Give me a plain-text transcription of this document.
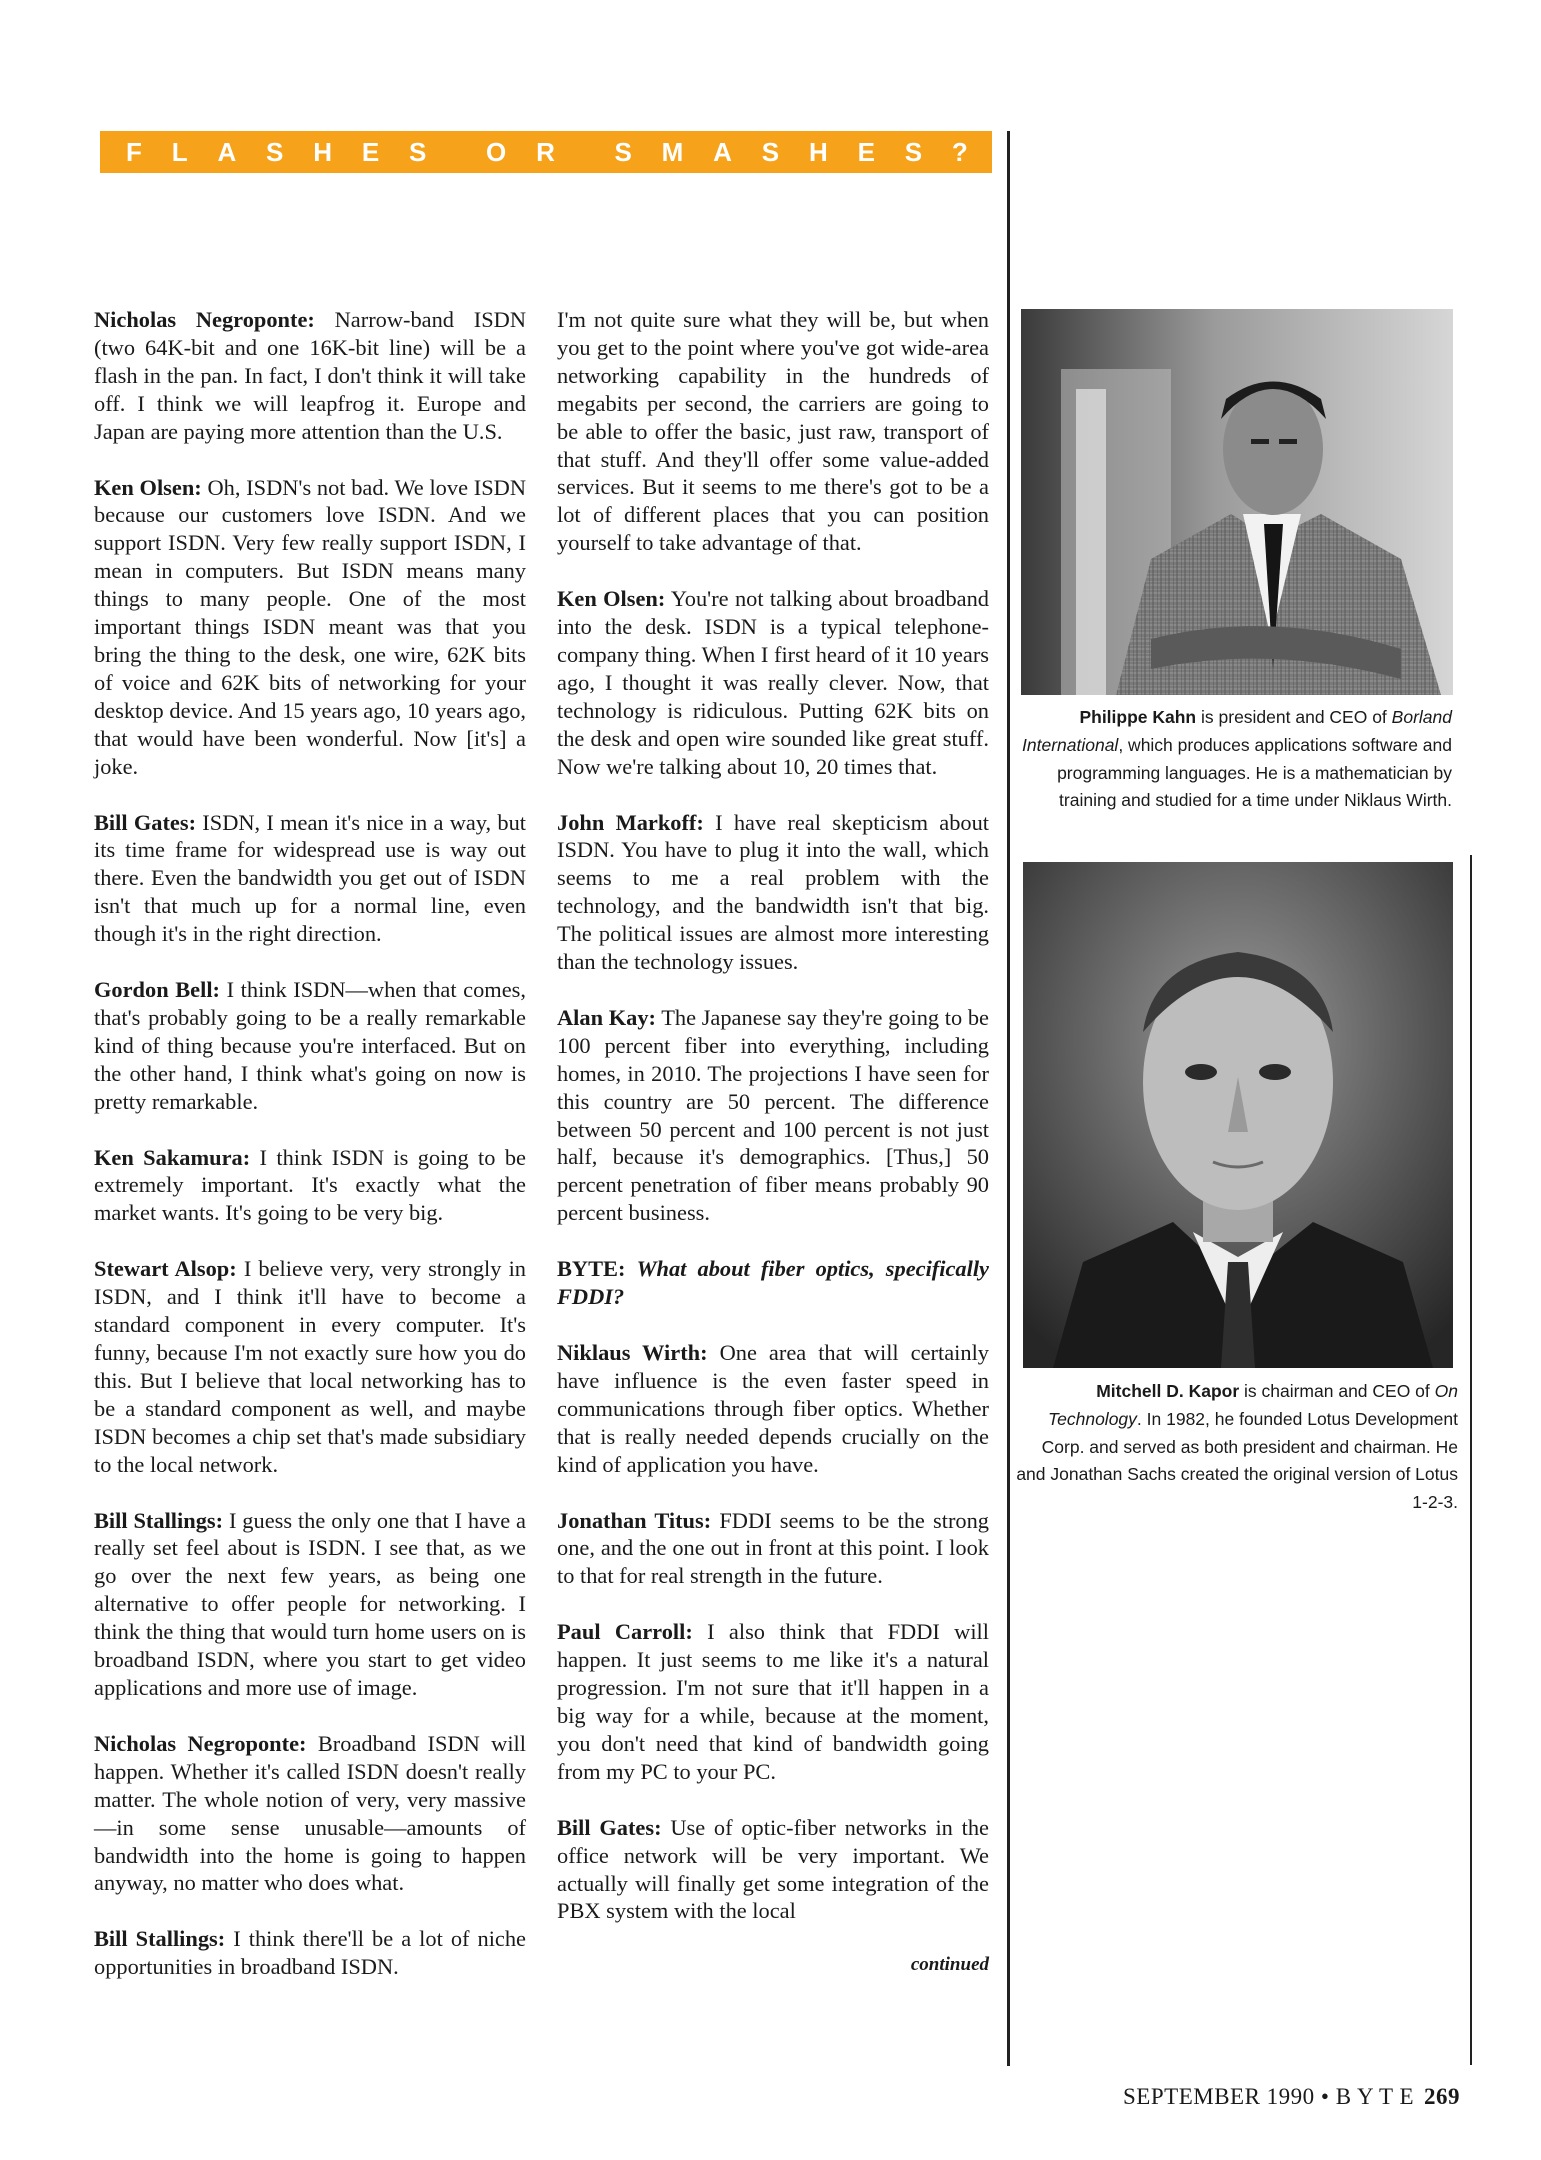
F L A S H E S O R S M A S H E S ?

Nicholas Negroponte: Narrow-band ISDN (two 64K-bit and one 16K-bit line) will be a flash in the pan. In fact, I don't think it will take off. I think we will leapfrog it. Europe and Japan are paying more attention than the U.S.

Ken Olsen: Oh, ISDN's not bad. We love ISDN because our customers love ISDN. And we support ISDN. Very few really support ISDN, I mean in computers. But ISDN means many things to many people. One of the most important things ISDN meant was that you bring the thing to the desk, one wire, 62K bits of voice and 62K bits of networking for your desktop device. And 15 years ago, 10 years ago, that would have been wonderful. Now [it's] a joke.

Bill Gates: ISDN, I mean it's nice in a way, but its time frame for widespread use is way out there. Even the bandwidth you get out of ISDN isn't that much up for a normal line, even though it's in the right direction.

Gordon Bell: I think ISDN—when that comes, that's probably going to be a really remarkable kind of thing because you're interfaced. But on the other hand, I think what's going on now is pretty remarkable.

Ken Sakamura: I think ISDN is going to be extremely important. It's exactly what the market wants. It's going to be very big.

Stewart Alsop: I believe very, very strongly in ISDN, and I think it'll have to become a standard component in every computer. It's funny, because I'm not exactly sure how you do this. But I believe that local networking has to be a standard component as well, and maybe ISDN becomes a chip set that's made subsidiary to the local network.

Bill Stallings: I guess the only one that I have a really set feel about is ISDN. I see that, as we go over the next few years, as being one alternative to offer people for networking. I think the thing that would turn home users on is broadband ISDN, where you start to get video applications and more use of image.

Nicholas Negroponte: Broadband ISDN will happen. Whether it's called ISDN doesn't really matter. The whole notion of very, very massive—in some sense unusable—amounts of bandwidth into the home is going to happen anyway, no matter who does what.

Bill Stallings: I think there'll be a lot of niche opportunities in broadband ISDN.

I'm not quite sure what they will be, but when you get to the point where you've got wide-area networking capability in the hundreds of megabits per second, the carriers are going to be able to offer the basic, just raw, transport of that stuff. And they'll offer some value-added services. But it seems to me there's got to be a lot of different places that you can position yourself to take advantage of that.

Ken Olsen: You're not talking about broadband into the desk. ISDN is a typical telephone-company thing. When I first heard of it 10 years ago, I thought it was really clever. Now, that technology is ridiculous. Putting 62K bits on the desk and open wire sounded like great stuff. Now we're talking about 10, 20 times that.

John Markoff: I have real skepticism about ISDN. You have to plug it into the wall, which seems to me a real problem with the technology, and the bandwidth isn't that big. The political issues are almost more interesting than the technology issues.

Alan Kay: The Japanese say they're going to be 100 percent fiber into everything, including homes, in 2010. The projections I have seen for this country are 50 percent. The difference between 50 percent and 100 percent is not just half, because it's demographics. [Thus,] 50 percent penetration of fiber means probably 90 percent business.

BYTE: What about fiber optics, specifically FDDI?

Niklaus Wirth: One area that will certainly have influence is the even faster speed in communications through fiber optics. Whether that is really needed depends crucially on the kind of application you have.

Jonathan Titus: FDDI seems to be the strong one, and the one out in front at this point. I look to that for real strength in the future.

Paul Carroll: I also think that FDDI will happen. It just seems to me like it's a natural progression. I'm not sure that it'll happen in a big way for a while, because at the moment, you don't need that kind of bandwidth going from my PC to your PC.

Bill Gates: Use of optic-fiber networks in the office network will be very important. We actually will finally get some integration of the PBX system with the local

continued
Philippe Kahn is president and CEO of Borland International, which produces applications software and programming languages. He is a mathematician by training and studied for a time under Niklaus Wirth.
Mitchell D. Kapor is chairman and CEO of On Technology. In 1982, he founded Lotus Development Corp. and served as both president and chairman. He and Jonathan Sachs created the original version of Lotus 1-2-3.
SEPTEMBER 1990 • B Y T E 269
